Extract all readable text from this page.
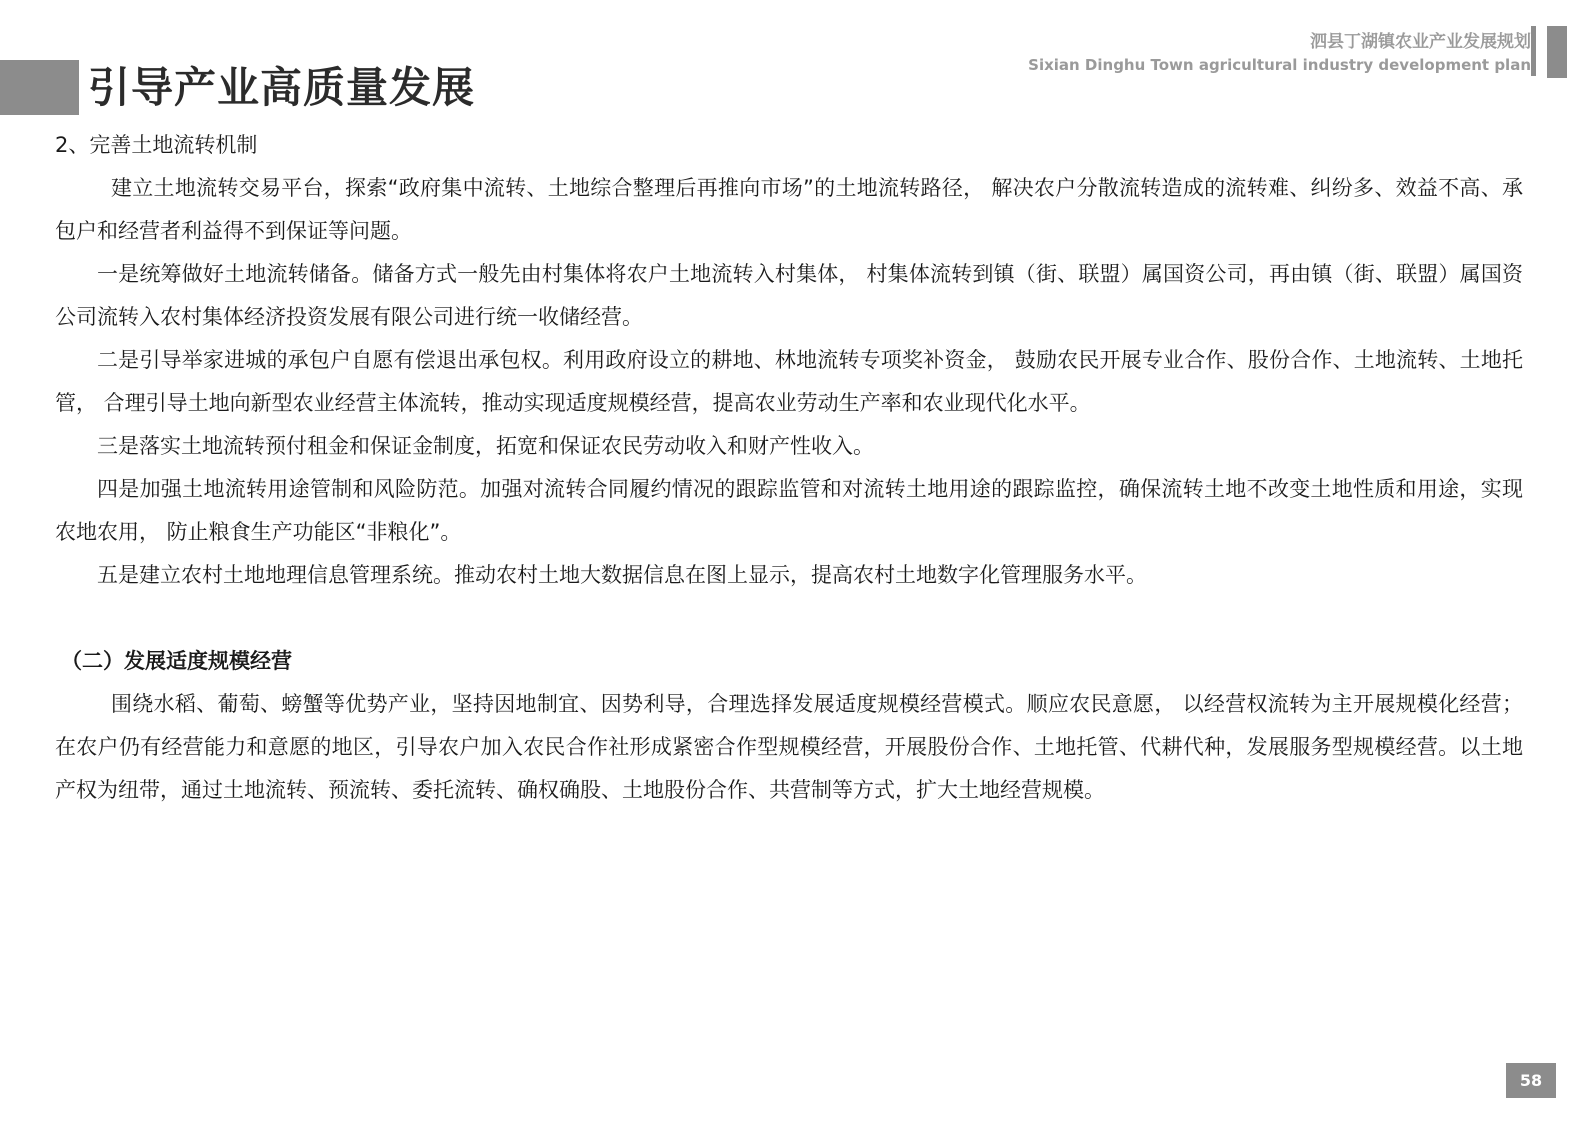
引导产业高质量发展
泗县丁湖镇农业产业发展规划
Sixian Dinghu Town agricultural industry development plan

2、完善土地流转机制

建立土地流转交易平台，探索“政府集中流转、土地综合整理后再推向市场”的土地流转路径， 解决农户分散流转造成的流转难、纠纷多、效益不高、承包户和经营者利益得不到保证等问题。

一是统筹做好土地流转储备。储备方式一般先由村集体将农户土地流转入村集体， 村集体流转到镇（街、联盟）属国资公司，再由镇（街、联盟）属国资公司流转入农村集体经济投资发展有限公司进行统一收储经营。

二是引导举家进城的承包户自愿有偿退出承包权。利用政府设立的耕地、林地流转专项奖补资金， 鼓励农民开展专业合作、股份合作、土地流转、土地托管， 合理引导土地向新型农业经营主体流转，推动实现适度规模经营，提高农业劳动生产率和农业现代化水平。

三是落实土地流转预付租金和保证金制度，拓宽和保证农民劳动收入和财产性收入。

四是加强土地流转用途管制和风险防范。加强对流转合同履约情况的跟踪监管和对流转土地用途的跟踪监控，确保流转土地不改变土地性质和用途，实现农地农用， 防止粮食生产功能区“非粮化”。

五是建立农村土地地理信息管理系统。推动农村土地大数据信息在图上显示，提高农村土地数字化管理服务水平。

（二）发展适度规模经营

围绕水稻、葡萄、螃蟹等优势产业，坚持因地制宜、因势利导，合理选择发展适度规模经营模式。顺应农民意愿， 以经营权流转为主开展规模化经营；在农户仍有经营能力和意愿的地区，引导农户加入农民合作社形成紧密合作型规模经营，开展股份合作、土地托管、代耕代种，发展服务型规模经营。以土地产权为纽带，通过土地流转、预流转、委托流转、确权确股、土地股份合作、共营制等方式，扩大土地经营规模。

58
